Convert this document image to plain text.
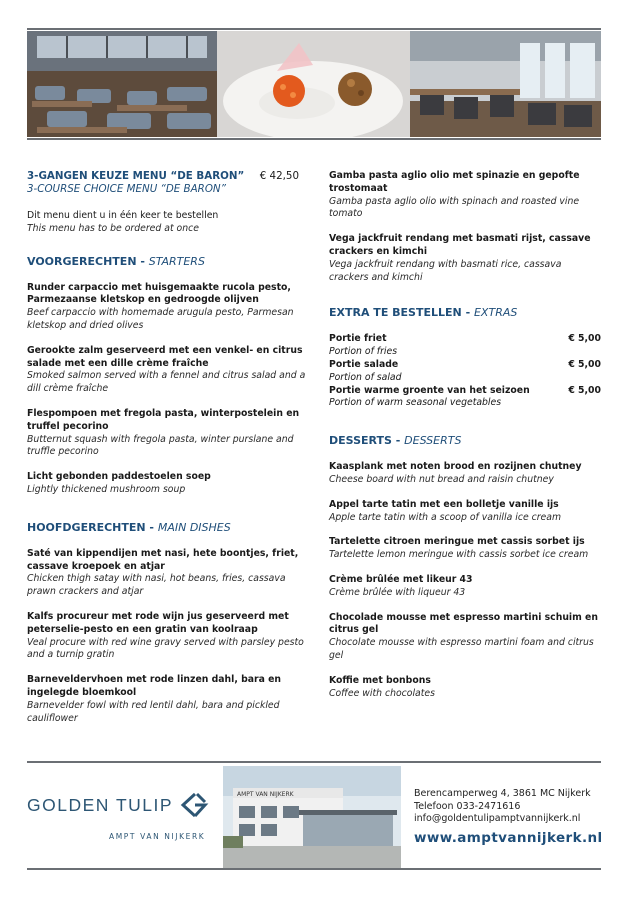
3-GANGEN KEUZE MENU “DE BARON” € 42,50
3-COURSE CHOICE MENU “DE BARON”
Dit menu dient u in één keer te bestellen
This menu has to be ordered at once
VOORGERECHTEN - STARTERS
Runder carpaccio met huisgemaakte rucola pesto, Parmezaanse kletskop en gedroogde olijven
Beef carpaccio with homemade arugula pesto, Parmesan kletskop and dried olives
Gerookte zalm geserveerd met een venkel- en citrus salade met een dille crème fraîche
Smoked salmon served with a fennel and citrus salad and a dill crème fraîche
Flespompoen met fregola pasta, winterpostelein en truffel pecorino
Butternut squash with fregola pasta, winter purslane and truffle pecorino
Licht gebonden paddestoelen soep
Lightly thickened mushroom soup
HOOFDGERECHTEN - MAIN DISHES
Saté van kippendijen met nasi, hete boontjes, friet, cassave kroepoek en atjar
Chicken thigh satay with nasi, hot beans, fries, cassava prawn crackers and atjar
Kalfs procureur met rode wijn jus geserveerd met peterselie-pesto en een gratin van koolraap
Veal procure with red wine gravy served with parsley pesto and a turnip gratin
Barneveldervhoen met rode linzen dahl, bara en ingelegde bloemkool
Barnevelder fowl with red lentil dahl, bara and pickled cauliflower
Gamba pasta aglio olio met spinazie en gepofte trostomaat
Gamba pasta aglio olio with spinach and roasted vine tomato
Vega jackfruit rendang met basmati rijst, cassave crackers en kimchi
Vega jackfruit rendang with basmati rice, cassava crackers and kimchi
EXTRA TE BESTELLEN - EXTRAS
Portie friet	€ 5,00
Portion of fries
Portie salade	€ 5,00
Portion of salad
Portie warme groente van het seizoen	€ 5,00
Portion of warm seasonal vegetables
DESSERTS - DESSERTS
Kaasplank met noten brood en rozijnen chutney
Cheese board with nut bread and raisin chutney
Appel tarte tatin met een bolletje vanille ijs
Apple tarte tatin with a scoop of vanilla ice cream
Tartelette citroen meringue met cassis sorbet ijs
Tartelette lemon meringue with cassis sorbet ice cream
Crème brûlée met likeur 43
Crème brûlée with liqueur 43
Chocolade mousse met espresso martini schuim en citrus gel
Chocolate mousse with espresso martini foam and citrus gel
Koffie met bonbons
Coffee with chocolates
GOLDEN TULIP
AMPT VAN NIJKERK
AMPT VAN NIJKERK	Berencamperweg 4, 3861 MC Nijkerk
Telefoon 033-2471616
info@goldentulipamptvannijkerk.nl
www.amptvannijkerk.nl
